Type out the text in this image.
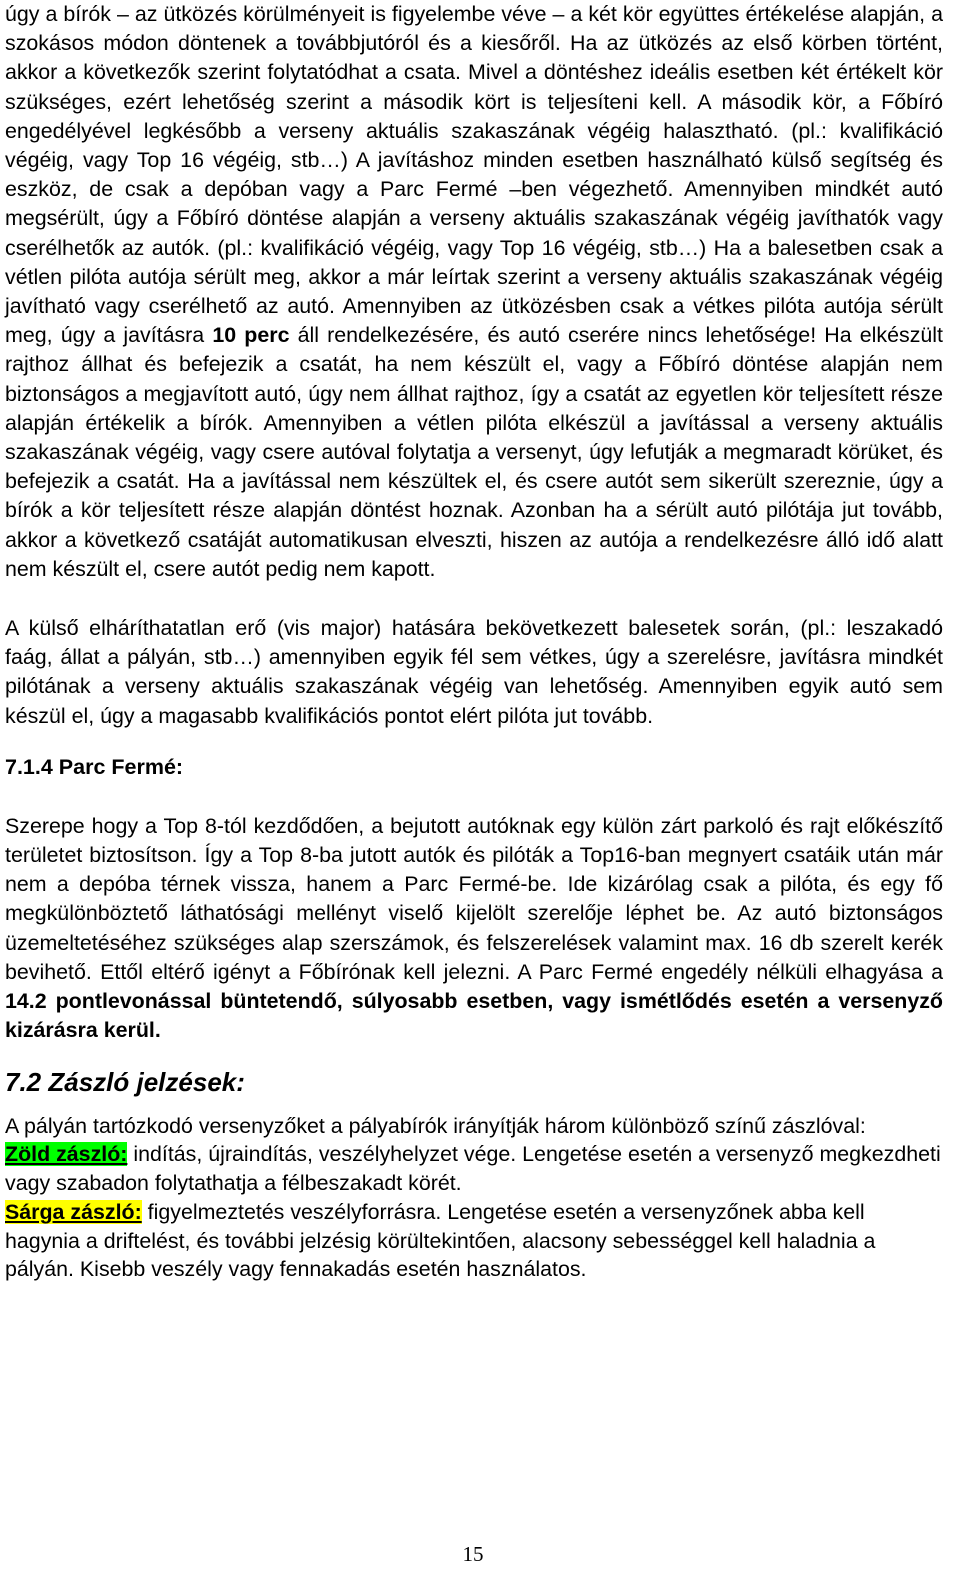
úgy a bírók – az ütközés körülményeit is figyelembe véve – a két kör együttes értékelése alapján, a szokásos módon döntenek a továbbjutóról és a kiesőről. Ha az ütközés az első körben történt, akkor a következők szerint folytatódhat a csata. Mivel a döntéshez ideális esetben két értékelt kör szükséges, ezért lehetőség szerint a második kört is teljesíteni kell. A második kör, a Főbíró engedélyével legkésőbb a verseny aktuális szakaszának végéig halasztható. (pl.: kvalifikáció végéig, vagy Top 16 végéig, stb…) A javításhoz minden esetben használható külső segítség és eszköz, de csak a depóban vagy a Parc Fermé –ben végezhető. Amennyiben mindkét autó megsérült, úgy a Főbíró döntése alapján a verseny aktuális szakaszának végéig javíthatók vagy cserélhetők az autók. (pl.: kvalifikáció végéig, vagy Top 16 végéig, stb…) Ha a balesetben csak a vétlen pilóta autója sérült meg, akkor a már leírtak szerint a verseny aktuális szakaszának végéig javítható vagy cserélhető az autó. Amennyiben az ütközésben csak a vétkes pilóta autója sérült meg, úgy a javításra 10 perc áll rendelkezésére, és autó cserére nincs lehetősége! Ha elkészült rajthoz állhat és befejezik a csatát, ha nem készült el, vagy a Főbíró döntése alapján nem biztonságos a megjavított autó, úgy nem állhat rajthoz, így a csatát az egyetlen kör teljesített része alapján értékelik a bírók. Amennyiben a vétlen pilóta elkészül a javítással a verseny aktuális szakaszának végéig, vagy csere autóval folytatja a versenyt, úgy lefutják a megmaradt körüket, és befejezik a csatát. Ha a javítással nem készültek el, és csere autót sem sikerült szereznie, úgy a bírók a kör teljesített része alapján döntést hoznak. Azonban ha a sérült autó pilótája jut tovább, akkor a következő csatáját automatikusan elveszti, hiszen az autója a rendelkezésre álló idő alatt nem készült el, csere autót pedig nem kapott.

A külső elháríthatatlan erő (vis major) hatására bekövetkezett balesetek során, (pl.: leszakadó faág, állat a pályán, stb…) amennyiben egyik fél sem vétkes, úgy a szerelésre, javításra mindkét pilótának a verseny aktuális szakaszának végéig van lehetőség. Amennyiben egyik autó sem készül el, úgy a magasabb kvalifikációs pontot elért pilóta jut tovább.

7.1.4 Parc Fermé:

Szerepe hogy a Top 8-tól kezdődően, a bejutott autóknak egy külön zárt parkoló és rajt előkészítő területet biztosítson. Így a Top 8-ba jutott autók és pilóták a Top16-ban megnyert csatáik után már nem a depóba térnek vissza, hanem a Parc Fermé-be. Ide kizárólag csak a pilóta, és egy fő megkülönböztető láthatósági mellényt viselő kijelölt szerelője léphet be. Az autó biztonságos üzemeltetéséhez szükséges alap szerszámok, és felszerelések valamint max. 16 db szerelt kerék bevihető. Ettől eltérő igényt a Főbírónak kell jelezni. A Parc Fermé engedély nélküli elhagyása a 14.2 pontlevonással büntetendő, súlyosabb esetben, vagy ismétlődés esetén a versenyző kizárásra kerül.

7.2 Zászló jelzések:

A pályán tartózkodó versenyzőket a pályabírók irányítják három különböző színű zászlóval:

Zöld zászló: indítás, újraindítás, veszélyhelyzet vége. Lengetése esetén a versenyző megkezdheti vagy szabadon folytathatja a félbeszakadt körét.

Sárga zászló: figyelmeztetés veszélyforrásra. Lengetése esetén a versenyzőnek abba kell hagynia a driftelést, és további jelzésig körültekintően, alacsony sebességgel kell haladnia a pályán. Kisebb veszély vagy fennakadás esetén használatos.

15
